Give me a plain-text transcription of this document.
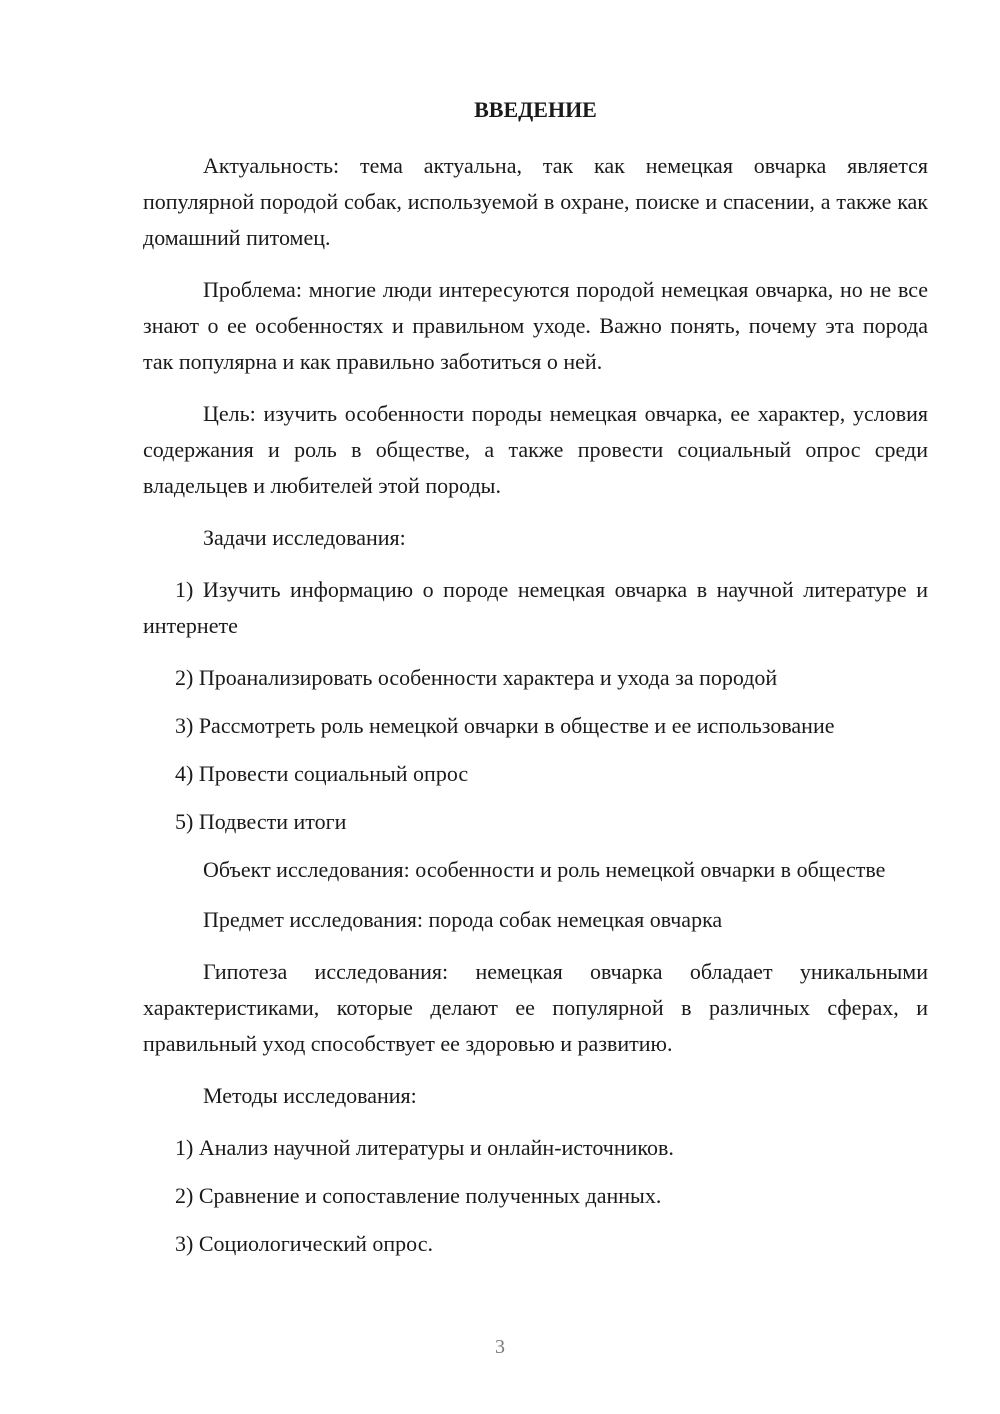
ВВЕДЕНИЕ

Актуальность: тема актуальна, так как немецкая овчарка является популярной породой собак, используемой в охране, поиске и спасении, а также как домашний питомец.

Проблема: многие люди интересуются породой немецкая овчарка, но не все знают о ее особенностях и правильном уходе. Важно понять, почему эта порода так популярна и как правильно заботиться о ней.

Цель: изучить особенности породы немецкая овчарка, ее характер, условия содержания и роль в обществе, а также провести социальный опрос среди владельцев и любителей этой породы.

Задачи исследования:

1) Изучить информацию о породе немецкая овчарка в научной литературе и интернете

2) Проанализировать особенности характера и ухода за породой

3) Рассмотреть роль немецкой овчарки в обществе и ее использование

4) Провести социальный опрос

5) Подвести итоги

Объект исследования: особенности и роль немецкой овчарки в обществе

Предмет исследования: порода собак немецкая овчарка

Гипотеза исследования: немецкая овчарка обладает уникальными характеристиками, которые делают ее популярной в различных сферах, и правильный уход способствует ее здоровью и развитию.

Методы исследования:

1) Анализ научной литературы и онлайн-источников.

2) Сравнение и сопоставление полученных данных.

3) Социологический опрос.

3
